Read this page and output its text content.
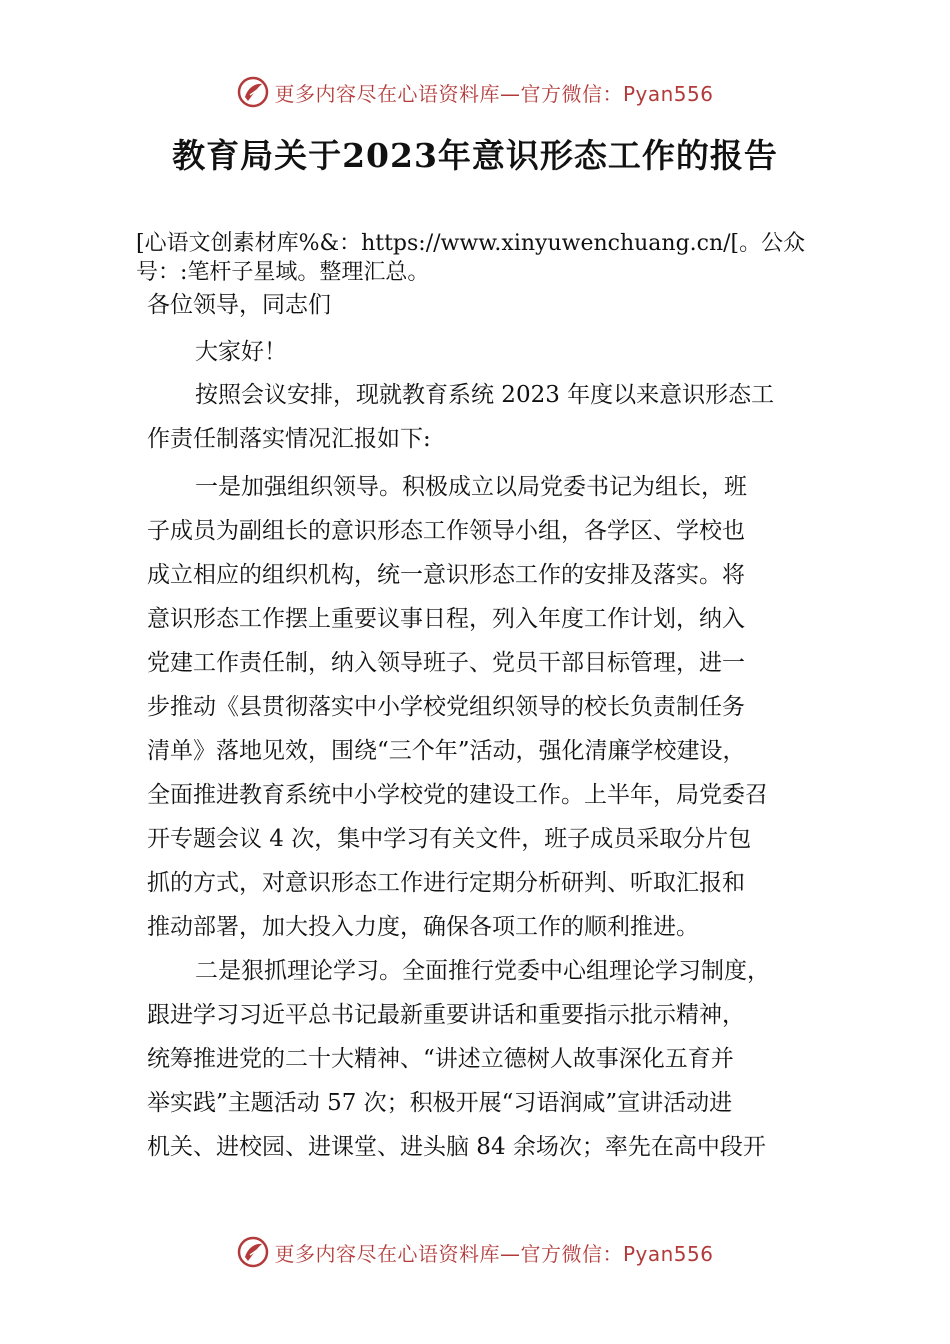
更多内容尽在心语资料库—官方微信：Pyan556
教育局关于2023年意识形态工作的报告
[心语文创素材库%&：https://www.xinyuwenchuang.cn/[。公众号：:笔杆子星域。整理汇总。
各位领导，同志们
大家好！
按照会议安排，现就教育系统 2023 年度以来意识形态工
作责任制落实情况汇报如下:
一是加强组织领导。积极成立以局党委书记为组长，班
子成员为副组长的意识形态工作领导小组，各学区、学校也
成立相应的组织机构，统一意识形态工作的安排及落实。将
意识形态工作摆上重要议事日程，列入年度工作计划，纳入
党建工作责任制，纳入领导班子、党员干部目标管理，进一
步推动《县贯彻落实中小学校党组织领导的校长负责制任务
清单》落地见效，围绕“三个年”活动，强化清廉学校建设，
全面推进教育系统中小学校党的建设工作。上半年，局党委召
开专题会议 4 次，集中学习有关文件，班子成员采取分片包
抓的方式，对意识形态工作进行定期分析研判、听取汇报和
推动部署，加大投入力度，确保各项工作的顺利推进。
二是狠抓理论学习。全面推行党委中心组理论学习制度，
跟进学习习近平总书记最新重要讲话和重要指示批示精神，
统筹推进党的二十大精神、“讲述立德树人故事深化五育并
举实践”主题活动 57 次；积极开展“习语润咸”宣讲活动进
机关、进校园、进课堂、进头脑 84 余场次；率先在高中段开
更多内容尽在心语资料库—官方微信：Pyan556
